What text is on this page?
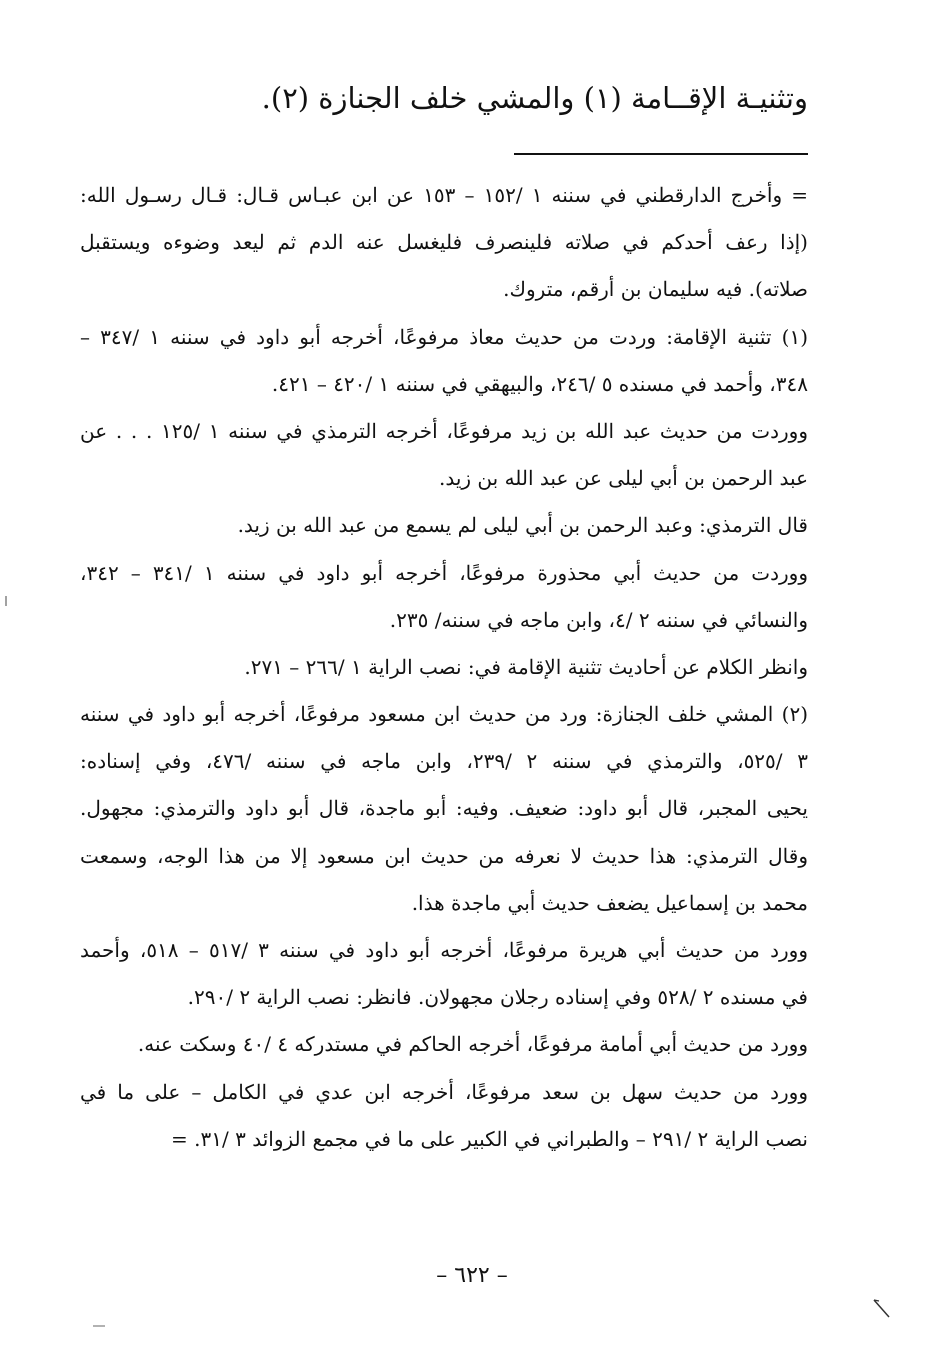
وتثنيـة الإقــامة (١) والمشي خلف الجنازة (٢).
= وأخرج الدارقطني في سننه ١ /١٥٢ – ١٥٣ عن ابن عبـاس قـال: قـال رسـول الله:
(إذا رعف أحدكم في صلاته فلينصرف فليغسل عنه الدم ثم ليعد وضوءه ويستقبل
صلاته). فيه سليمان بن أرقم، متروك.
(١) تثنية الإقامة: وردت من حديث معاذ مرفوعًا، أخرجه أبو داود في سننه ١ /٣٤٧ –
٣٤٨، وأحمد في مسنده ٥ /٢٤٦، والبيهقي في سننه ١ /٤٢٠ – ٤٢١.
ووردت من حديث عبد الله بن زيد مرفوعًا، أخرجه الترمذي في سننه ١ /١٢٥ . . . عن
عبد الرحمن بن أبي ليلى عن عبد الله بن زيد.
قال الترمذي: وعبد الرحمن بن أبي ليلى لم يسمع من عبد الله بن زيد.
ووردت من حديث أبي محذورة مرفوعًا، أخرجه أبو داود في سننه ١ /٣٤١ – ٣٤٢،
والنسائي في سننه ٢ /٤، وابن ماجه في سننه/ ٢٣٥.
وانظر الكلام عن أحاديث تثنية الإقامة في: نصب الراية ١ /٢٦٦ – ٢٧١.
(٢) المشي خلف الجنازة: ورد من حديث ابن مسعود مرفوعًا، أخرجه أبو داود في سننه
٣ /٥٢٥، والترمذي في سننه ٢ /٢٣٩، وابن ماجه في سننه /٤٧٦، وفي إسناده:
يحيى المجبر، قال أبو داود: ضعيف. وفيه: أبو ماجدة، قال أبو داود والترمذي: مجهول.
وقال الترمذي: هذا حديث لا نعرفه من حديث ابن مسعود إلا من هذا الوجه، وسمعت
محمد بن إسماعيل يضعف حديث أبي ماجدة هذا.
وورد من حديث أبي هريرة مرفوعًا، أخرجه أبو داود في سننه ٣ /٥١٧ – ٥١٨، وأحمد
في مسنده ٢ /٥٢٨ وفي إسناده رجلان مجهولان. فانظر: نصب الراية ٢ /٢٩٠.
وورد من حديث أبي أمامة مرفوعًا، أخرجه الحاكم في مستدركه ٤ /٤٠ وسكت عنه.
وورد من حديث سهل بن سعد مرفوعًا، أخرجه ابن عدي في الكامل – على ما في
نصب الراية ٢ /٢٩١ – والطبراني في الكبير على ما في مجمع الزوائد ٣ /٣١. =
– ٦٢٢ –
